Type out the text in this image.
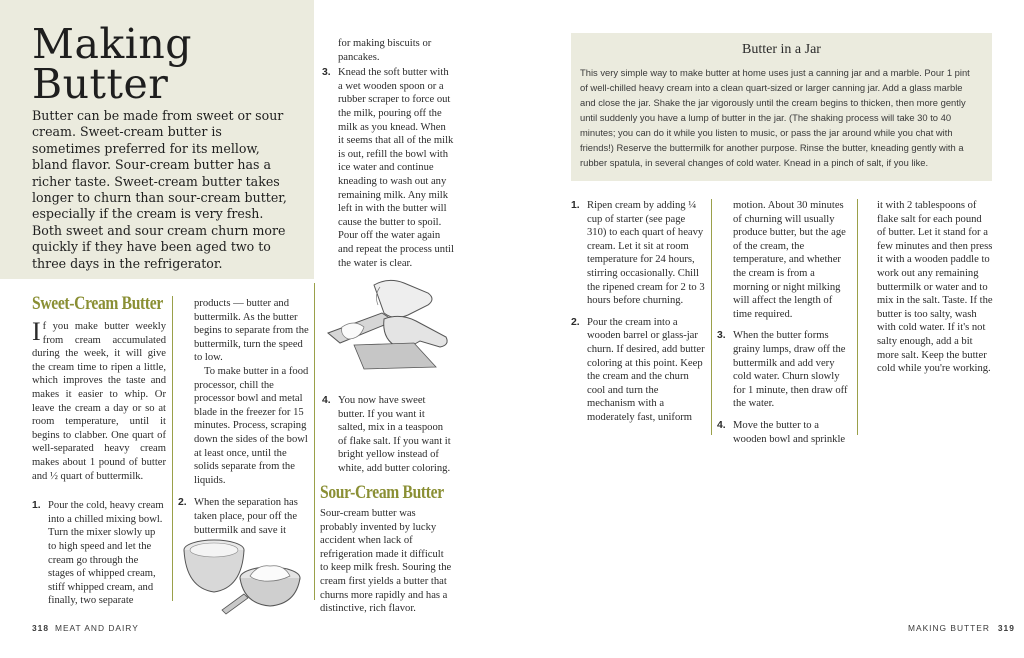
Making
Butter
Butter can be made from sweet or sour cream. Sweet-cream butter is sometimes preferred for its mellow, bland flavor. Sour-cream butter has a richer taste. Sweet-cream butter takes longer to churn than sour-cream butter, especially if the cream is very fresh. Both sweet and sour cream churn more quickly if they have been aged two to three days in the refrigerator.
Sweet-Cream Butter

If you make butter weekly from cream accumulated during the week, it will give the cream time to ripen a little, which improves the taste and makes it easier to whip. Or leave the cream a day or so at room temperature, until it begins to clabber. One quart of well-separated heavy cream makes about 1 pound of butter and ½ quart of buttermilk.

1. Pour the cold, heavy cream into a chilled mixing bowl. Turn the mixer slowly up to high speed and let the cream go through the stages of whipped cream, stiff whipped cream, and finally, two separate

products — butter and buttermilk. As the butter begins to separate from the buttermilk, turn the speed to low.

To make butter in a food processor, chill the processor bowl and metal blade in the freezer for 15 minutes. Process, scraping down the sides of the bowl at least once, until the solids separate from the liquids.

2. When the separation has taken place, pour off the buttermilk and save it

for making biscuits or pancakes.

3. Knead the soft butter with a wet wooden spoon or a rubber scraper to force out the milk, pouring off the milk as you knead. When it seems that all of the milk is out, refill the bowl with ice water and continue kneading to wash out any remaining milk. Any milk left in with the butter will cause the butter to spoil. Pour off the water again and repeat the process until the water is clear.
4. You now have sweet butter. If you want it salted, mix in a teaspoon of flake salt. If you want it bright yellow instead of white, add butter coloring.
Sour-Cream Butter
Sour-cream butter was probably invented by lucky accident when lack of refrigeration made it difficult to keep milk fresh. Souring the cream first yields a butter that churns more rapidly and has a distinctive, rich flavor.
318 MEAT AND DAIRY
Butter in a Jar
This very simple way to make butter at home uses just a canning jar and a marble. Pour 1 pint of well-chilled heavy cream into a clean quart-sized or larger canning jar. Add a glass marble and close the jar. Shake the jar vigorously until the cream begins to thicken, then more gently until suddenly you have a lump of butter in the jar. (The shaking process will take 30 to 40 minutes; you can do it while you listen to music, or pass the jar around while you chat with friends!) Reserve the buttermilk for another purpose. Rinse the butter, kneading gently with a rubber spatula, in several changes of cold water. Knead in a pinch of salt, if you like.
1. Ripen cream by adding ¼ cup of starter (see page 310) to each quart of heavy cream. Let it sit at room temperature for 24 hours, stirring occasionally. Chill the ripened cream for 2 to 3 hours before churning.
2. Pour the cream into a wooden barrel or glass-jar churn. If desired, add butter coloring at this point. Keep the cream and the churn cool and turn the mechanism with a moderately fast, uniform

motion. About 30 minutes of churning will usually produce butter, but the age of the cream, the temperature, and whether the cream is from a morning or night milking will affect the length of time required.

3. When the butter forms grainy lumps, draw off the buttermilk and add very cold water. Churn slowly for 1 minute, then draw off the water.
4. Move the butter to a wooden bowl and sprinkle

it with 2 tablespoons of flake salt for each pound of butter. Let it stand for a few minutes and then press it with a wooden paddle to work out any remaining buttermilk or water and to mix in the salt. Taste. If the butter is too salty, wash with cold water. If it's not salty enough, add a bit more salt. Keep the butter cold while you're working.

MAKING BUTTER 319
